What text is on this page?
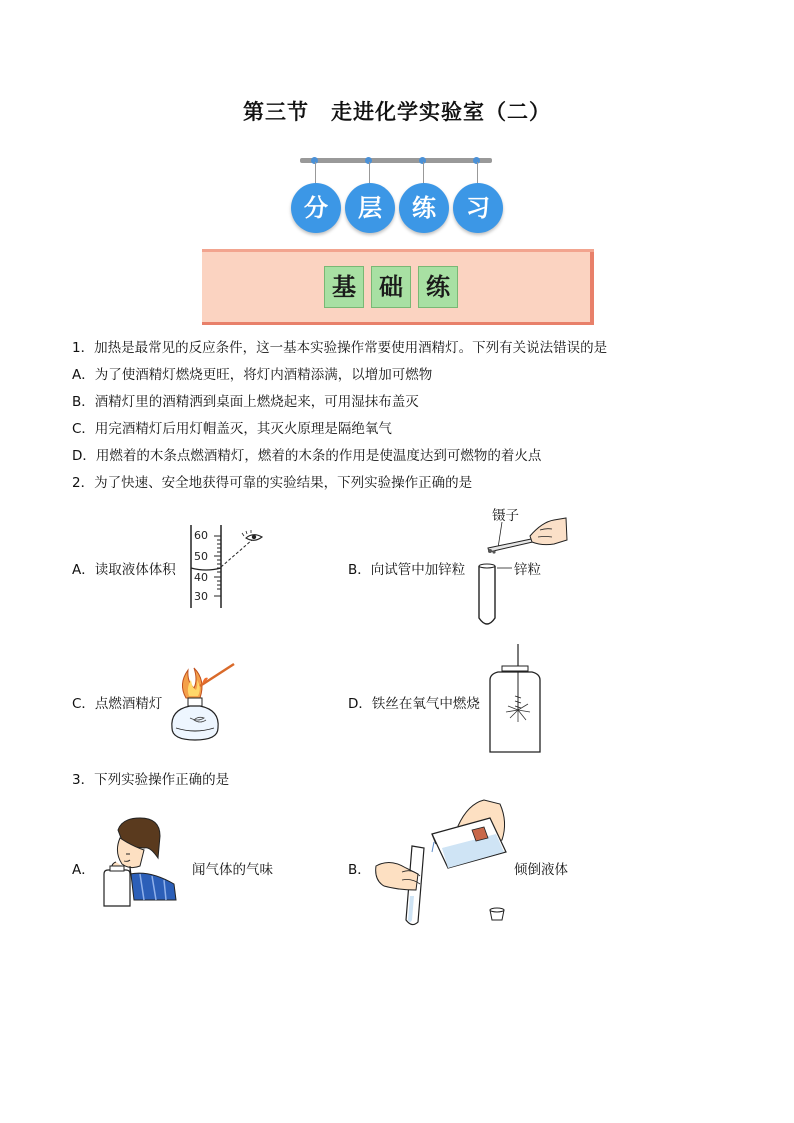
第三节 走进化学实验室（二）
分	层	练	习
基 础 练
1．加热是最常见的反应条件，这一基本实验操作常要使用酒精灯。下列有关说法错误的是
A．为了使酒精灯燃烧更旺，将灯内酒精添满，以增加可燃物
B．酒精灯里的酒精洒到桌面上燃烧起来，可用湿抹布盖灭
C．用完酒精灯后用灯帽盖灭，其灭火原理是隔绝氧气
D．用燃着的木条点燃酒精灯，燃着的木条的作用是使温度达到可燃物的着火点
2．为了快速、安全地获得可靠的实验结果，下列实验操作正确的是
A．读取液体体积
60
50
40
30
B．向试管中加锌粒
镊子
锌粒
C．点燃酒精灯	D．铁丝在氧气中燃烧
3．下列实验操作正确的是
A．	闻气体的气味	B．	倾倒液体
